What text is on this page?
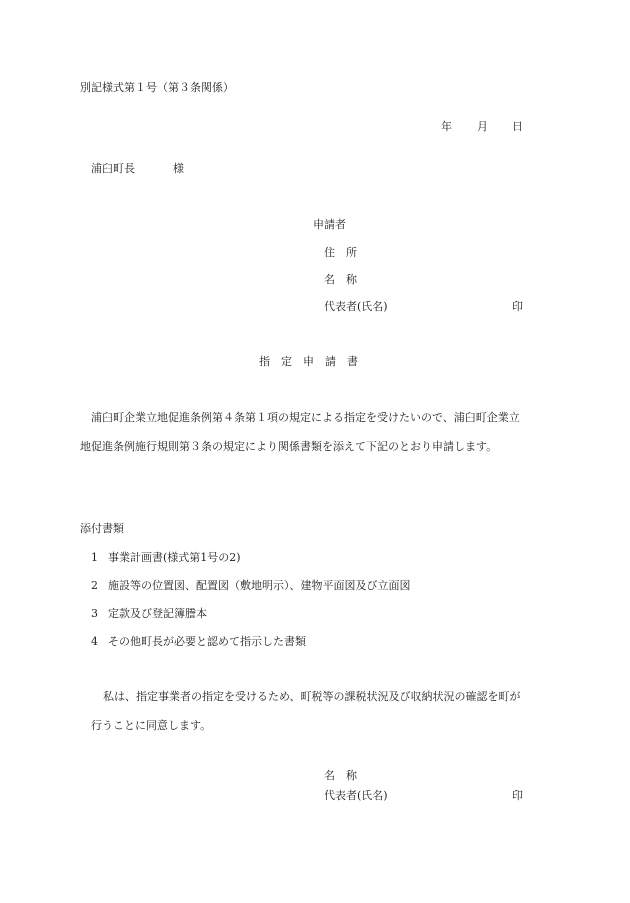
別記様式第１号（第３条関係）
年 月 日
浦臼町長	様
申請者
住　所
名　称
代表者(氏名)	印
指　定　申　請　書
浦臼町企業立地促進条例第４条第１項の規定による指定を受けたいので、浦臼町企業立
地促進条例施行規則第３条の規定により関係書類を添えて下記のとおり申請します。
添付書類
1 事業計画書(様式第1号の2)
2 施設等の位置図、配置図（敷地明示）、建物平面図及び立面図
3 定款及び登記簿謄本
4 その他町長が必要と認めて指示した書類
私は、指定事業者の指定を受けるため、町税等の課税状況及び収納状況の確認を町が
行うことに同意します。
名　称
代表者(氏名)	印
